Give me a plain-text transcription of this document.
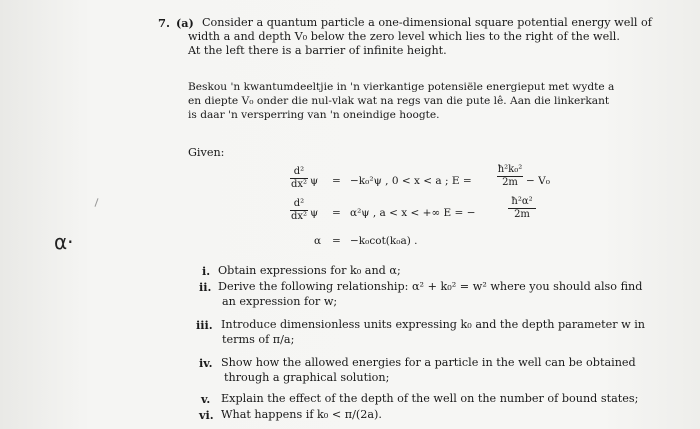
α·
7. (a) Consider a quantum particle a one-dimensional square potential energy well of
width a and depth V₀ below the zero level which lies to the right of the well.
At the left there is a barrier of infinite height.
Beskou 'n kwantumdeeltjie in 'n vierkantige potensiële energieput met wydte a
en diepte V₀ onder die nul-vlak wat na regs van die pute lê. Aan die linkerkant
is daar 'n versperring van 'n oneindige hoogte.
Given:
$\frac{\text{d²}}{\text{dx²}}$ ψ = −k₀²ψ , 0 < x < a ; E =	$\frac{\text{ħ²k₀²}}{2m} - V_0$
$\frac{\text{d²}}{\text{dx²}}$ ψ = α²ψ , a < x < +∞ E = −	$\frac{\text{ħ²α²}}{2m}$
α = −k₀cot(k₀a) .
i. Obtain expressions for k₀ and α;
ii. Derive the following relationship: α² + k₀² = w² where you should also find
an expression for w;
iii. Introduce dimensionless units expressing k₀ and the depth parameter w in
terms of π/a;
iv. Show how the allowed energies for a particle in the well can be obtained
through a graphical solution;
v. Explain the effect of the depth of the well on the number of bound states;
vi. What happens if k₀ < π/(2a).
